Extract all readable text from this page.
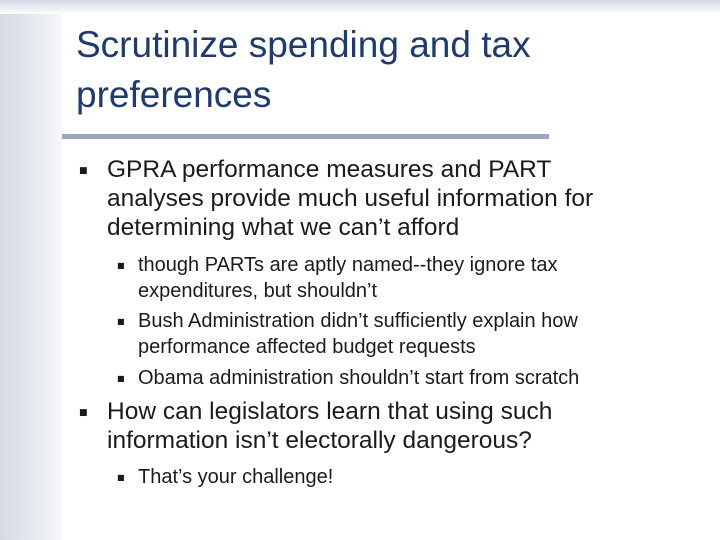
Scrutinize spending and tax
preferences
■ GPRA performance measures and PART
analyses provide much useful information for
determining what we can’t afford
■ though PARTs are aptly named--they ignore tax
expenditures, but shouldn’t
■ Bush Administration didn’t sufficiently explain how
performance affected budget requests
■ Obama administration shouldn’t start from scratch
■ How can legislators learn that using such
information isn’t electorally dangerous?
■ That’s your challenge!
